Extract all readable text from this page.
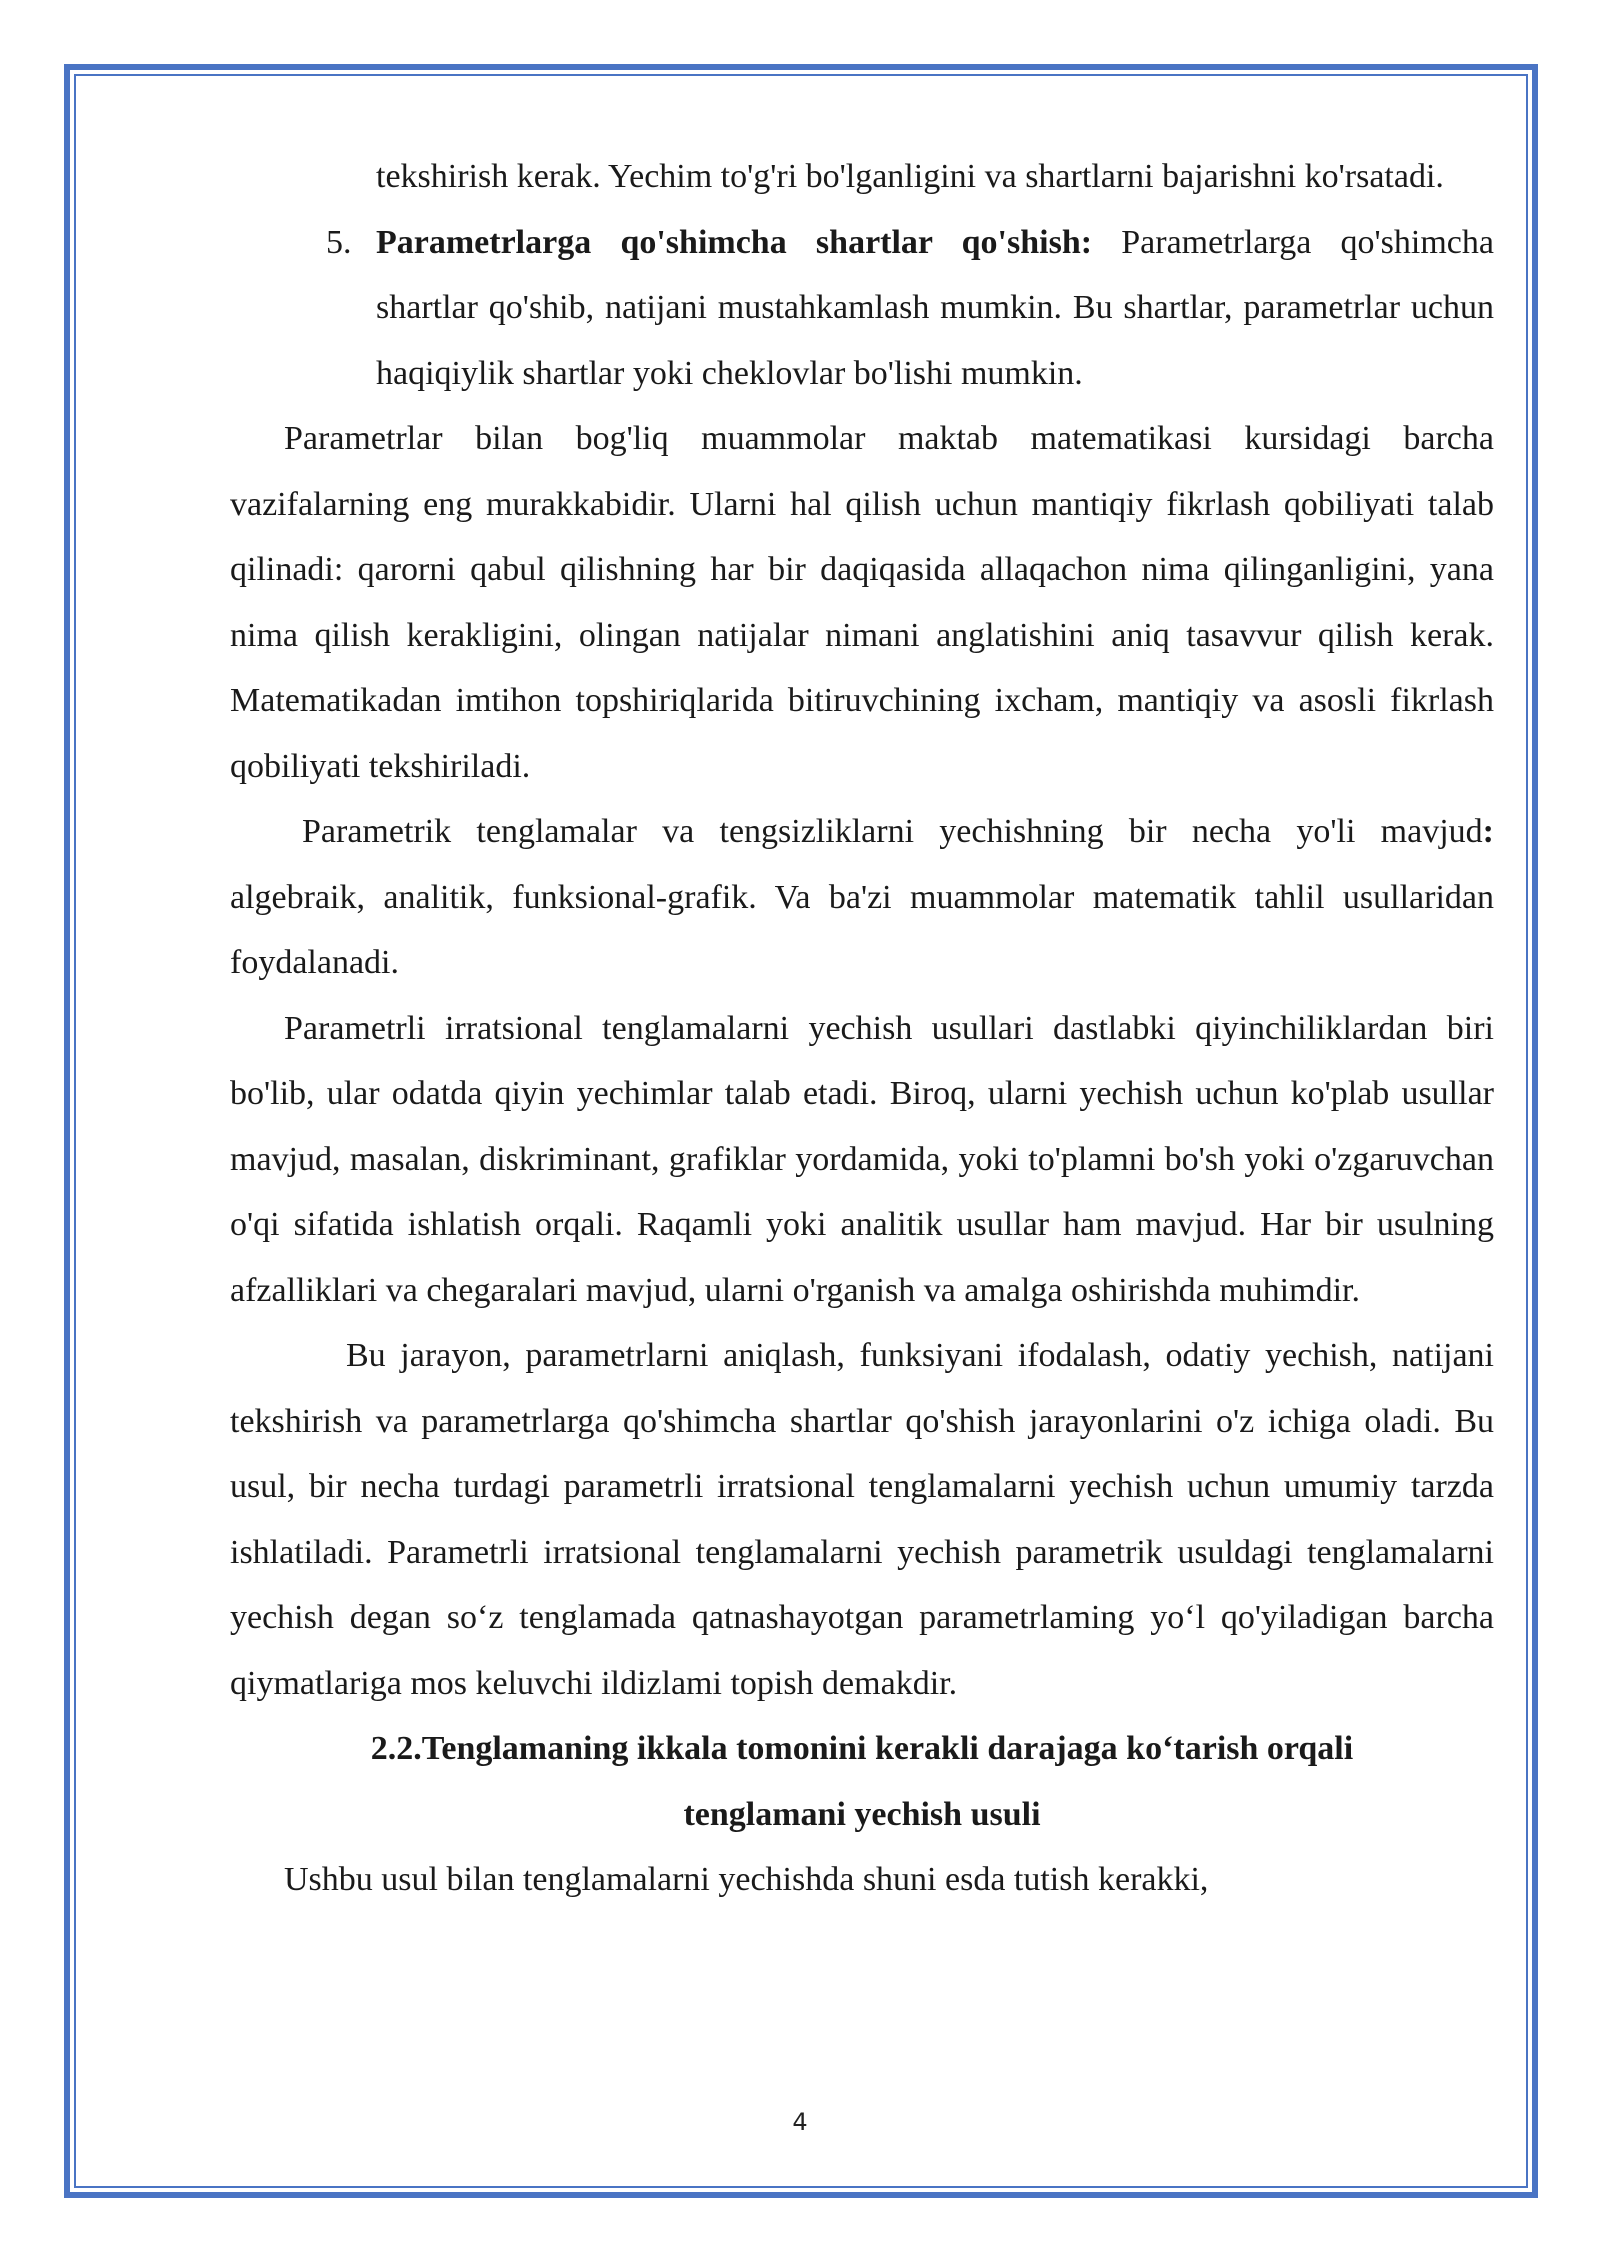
tekshirish kerak. Yechim to'g'ri bo'lganligini va shartlarni bajarishni ko'rsatadi.

5. Parametrlarga qo'shimcha shartlar qo'shish: Parametrlarga qo'shimcha shartlar qo'shib, natijani mustahkamlash mumkin. Bu shartlar, parametrlar uchun haqiqiylik shartlar yoki cheklovlar bo'lishi mumkin.

Parametrlar bilan bog'liq muammolar maktab matematikasi kursidagi barcha vazifalarning eng murakkabidir. Ularni hal qilish uchun mantiqiy fikrlash qobiliyati talab qilinadi: qarorni qabul qilishning har bir daqiqasida allaqachon nima qilinganligini, yana nima qilish kerakligini, olingan natijalar nimani anglatishini aniq tasavvur qilish kerak. Matematikadan imtihon topshiriqlarida bitiruvchining ixcham, mantiqiy va asosli fikrlash qobiliyati tekshiriladi.

Parametrik tenglamalar va tengsizliklarni yechishning bir necha yo'li mavjud: algebraik, analitik, funksional-grafik. Va ba'zi muammolar matematik tahlil usullaridan foydalanadi.

Parametrli irratsional tenglamalarni yechish usullari dastlabki qiyinchiliklardan biri bo'lib, ular odatda qiyin yechimlar talab etadi. Biroq, ularni yechish uchun ko'plab usullar mavjud, masalan, diskriminant, grafiklar yordamida, yoki to'plamni bo'sh yoki o'zgaruvchan o'qi sifatida ishlatish orqali. Raqamli yoki analitik usullar ham mavjud. Har bir usulning afzalliklari va chegaralari mavjud, ularni o'rganish va amalga oshirishda muhimdir.

Bu jarayon, parametrlarni aniqlash, funksiyani ifodalash, odatiy yechish, natijani tekshirish va parametrlarga qo'shimcha shartlar qo'shish jarayonlarini o'z ichiga oladi. Bu usul, bir necha turdagi parametrli irratsional tenglamalarni yechish uchun umumiy tarzda ishlatiladi. Parametrli irratsional tenglamalarni yechish parametrik usuldagi tenglamalarni yechish degan so‘z tenglamada qatnashayotgan parametrlaming yo‘l qo'yiladigan barcha qiymatlariga mos keluvchi ildizlami topish demakdir.

2.2.Tenglamaning ikkala tomonini kerakli darajaga ko‘tarish orqali tenglamani yechish usuli

Ushbu usul bilan tenglamalarni yechishda shuni esda tutish kerakki,

4
